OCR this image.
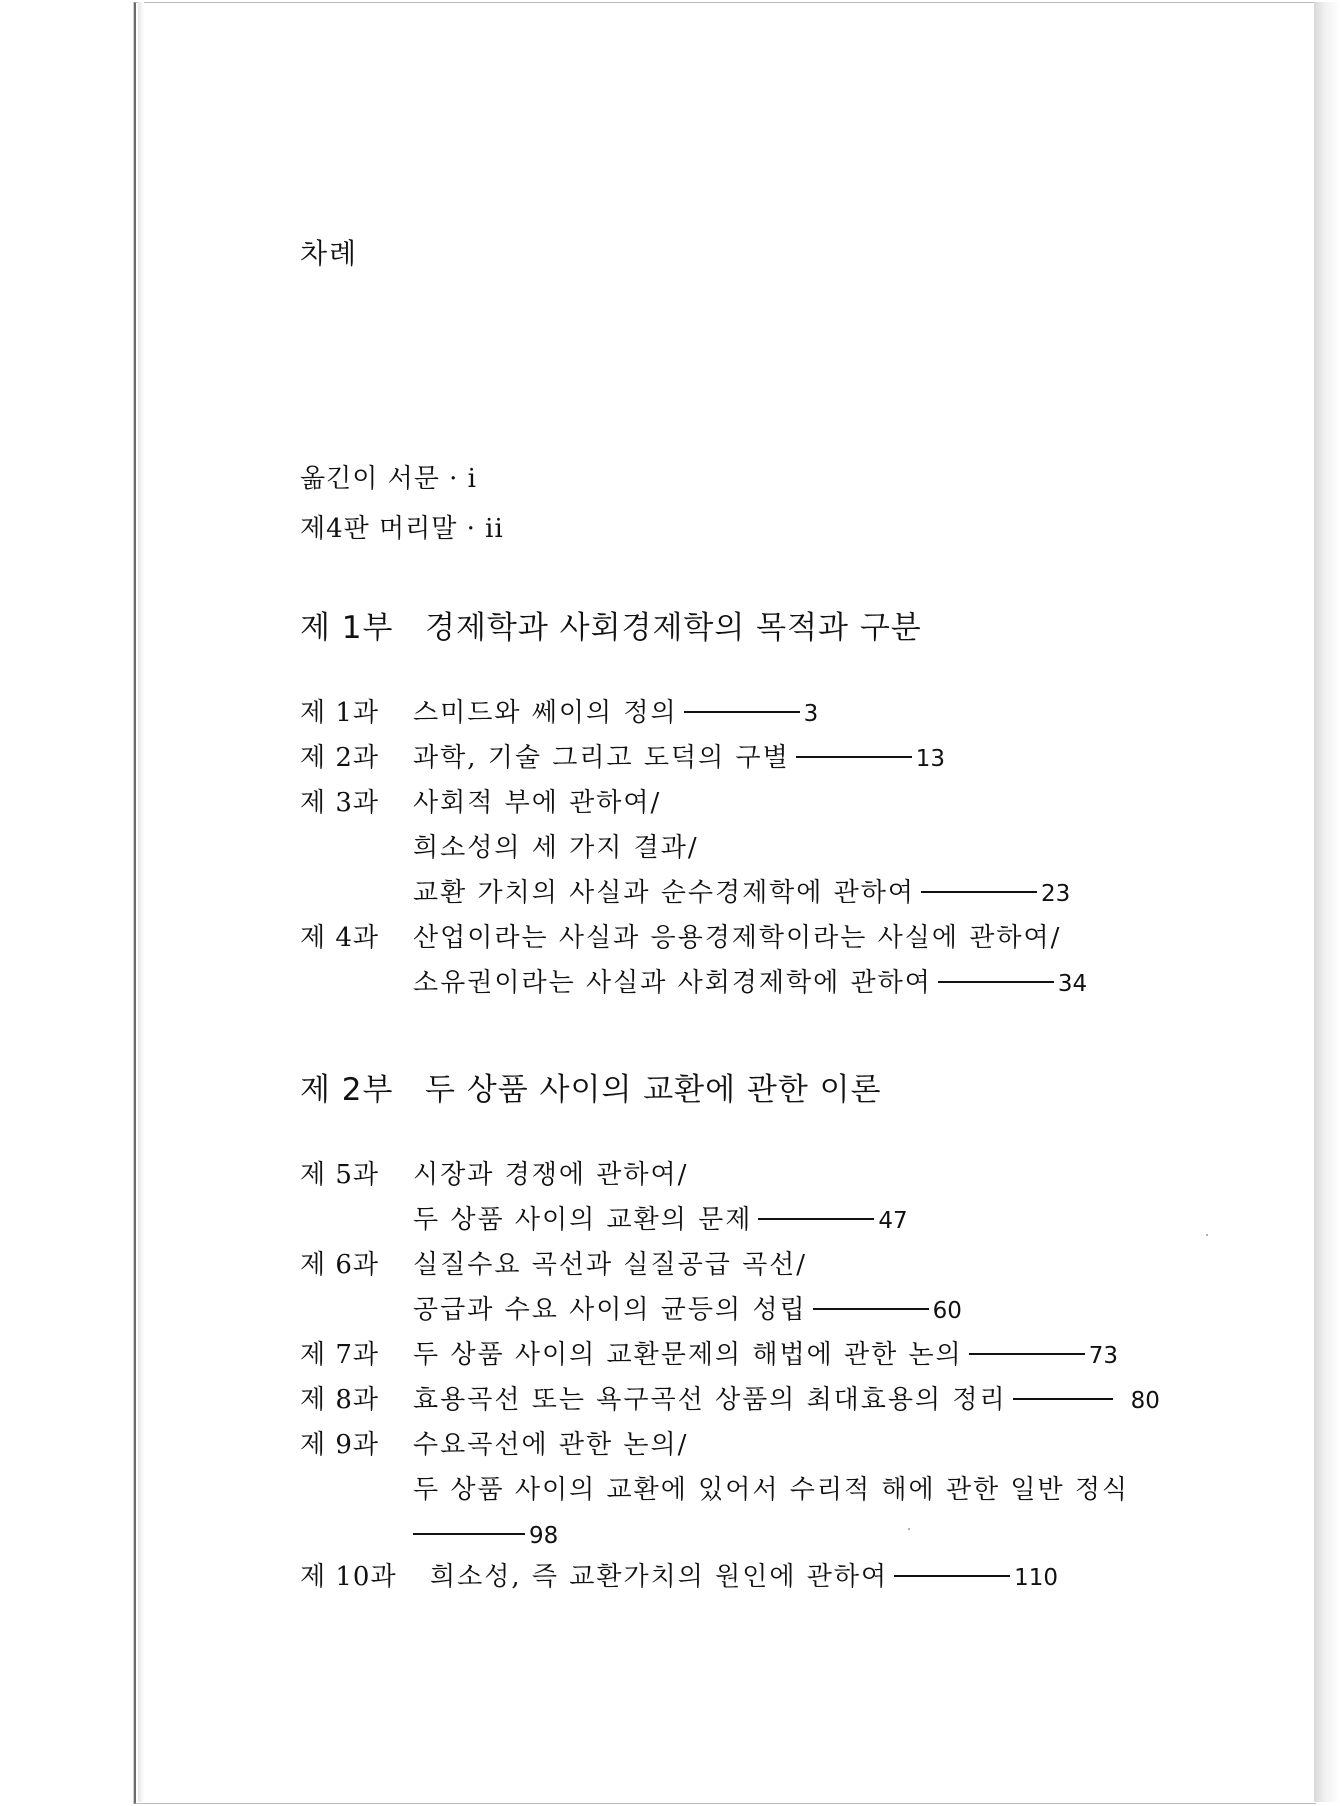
차례
옮긴이 서문 · i
제4판 머리말 · ii
제 1부 경제학과 사회경제학의 목적과 구분
제 1과	스미드와 쎄이의 정의	3
제 2과	과학, 기술 그리고 도덕의 구별	13
제 3과	사회적 부에 관하여/
희소성의 세 가지 결과/
교환 가치의 사실과 순수경제학에 관하여	23
제 4과	산업이라는 사실과 응용경제학이라는 사실에 관하여/
소유권이라는 사실과 사회경제학에 관하여	34
제 2부 두 상품 사이의 교환에 관한 이론
제 5과	시장과 경쟁에 관하여/
두 상품 사이의 교환의 문제	47
제 6과	실질수요 곡선과 실질공급 곡선/
공급과 수요 사이의 균등의 성립	60
제 7과	두 상품 사이의 교환문제의 해법에 관한 논의	73
제 8과	효용곡선 또는 욕구곡선 상품의 최대효용의 정리	80
제 9과	수요곡선에 관한 논의/
두 상품 사이의 교환에 있어서 수리적 해에 관한 일반 정식
98
제 10과	희소성, 즉 교환가치의 원인에 관하여	110
